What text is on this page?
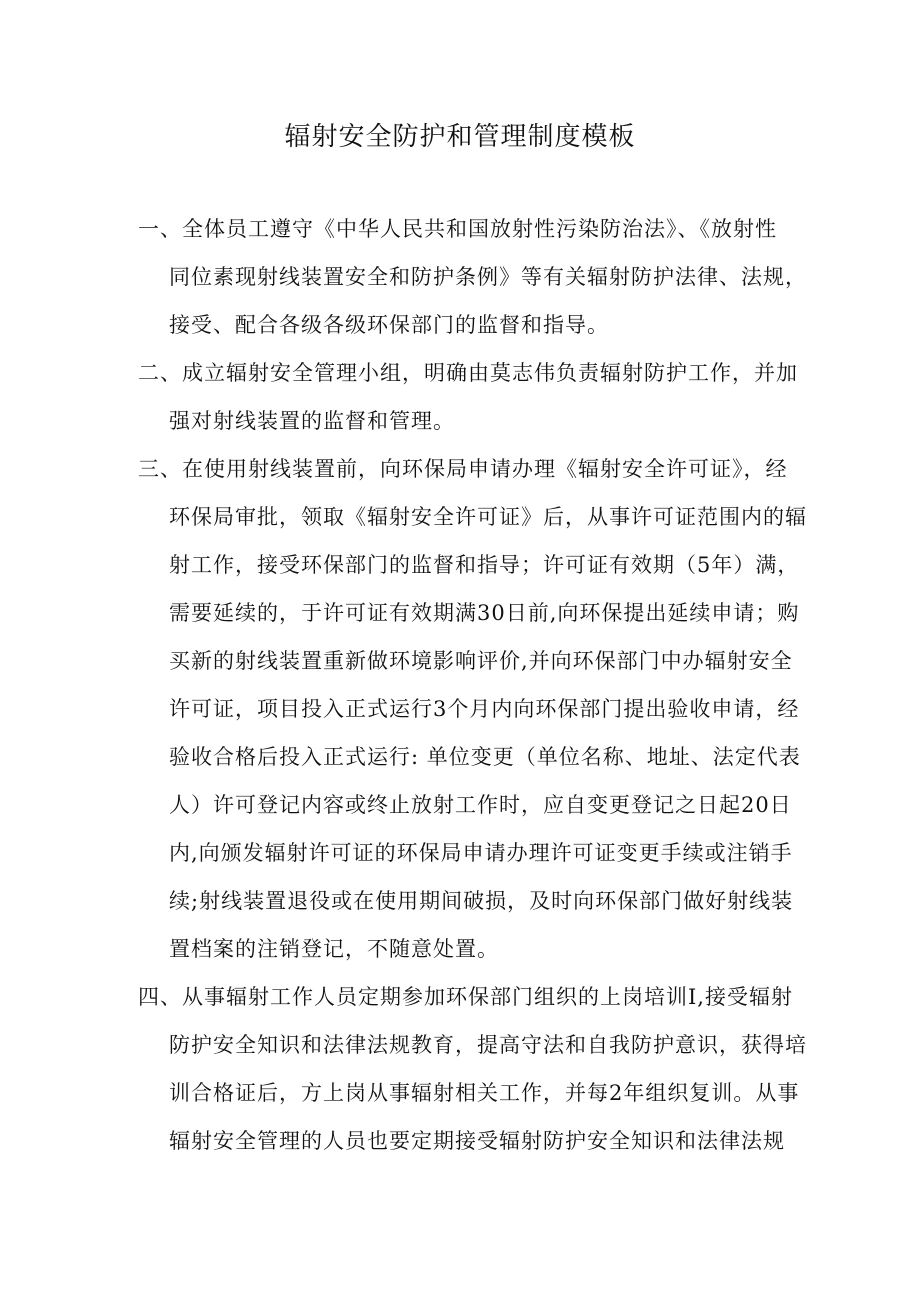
辐射安全防护和管理制度模板
一、全体员工遵守《中华人民共和国放射性污染防治法》、《放射性
同位素现射线装置安全和防护条例》等有关辐射防护法律、法规，
接受、配合各级各级环保部门的监督和指导。
二、成立辐射安全管理小组，明确由莫志伟负责辐射防护工作，并加
强对射线装置的监督和管理。
三、在使用射线装置前，向环保局申请办理《辐射安全许可证》，经
环保局审批，领取《辐射安全许可证》后，从事许可证范围内的辐
射工作，接受环保部门的监督和指导；许可证有效期（5年）满，
需要延续的，于许可证有效期满30日前,向环保提出延续申请；购
买新的射线装置重新做环境影响评价,并向环保部门中办辐射安全
许可证，项目投入正式运行3个月内向环保部门提出验收申请，经
验收合格后投入正式运行: 单位变更（单位名称、地址、法定代表
人）许可登记内容或终止放射工作时，应自变更登记之日起20日
内,向颁发辐射许可证的环保局申请办理许可证变更手续或注销手
续;射线装置退役或在使用期间破损，及时向环保部门做好射线装
置档案的注销登记，不随意处置。
四、从事辐射工作人员定期参加环保部门组织的上岗培训I,接受辐射
防护安全知识和法律法规教育，提高守法和自我防护意识，获得培
训合格证后，方上岗从事辐射相关工作，并每2年组织复训。从事
辐射安全管理的人员也要定期接受辐射防护安全知识和法律法规
